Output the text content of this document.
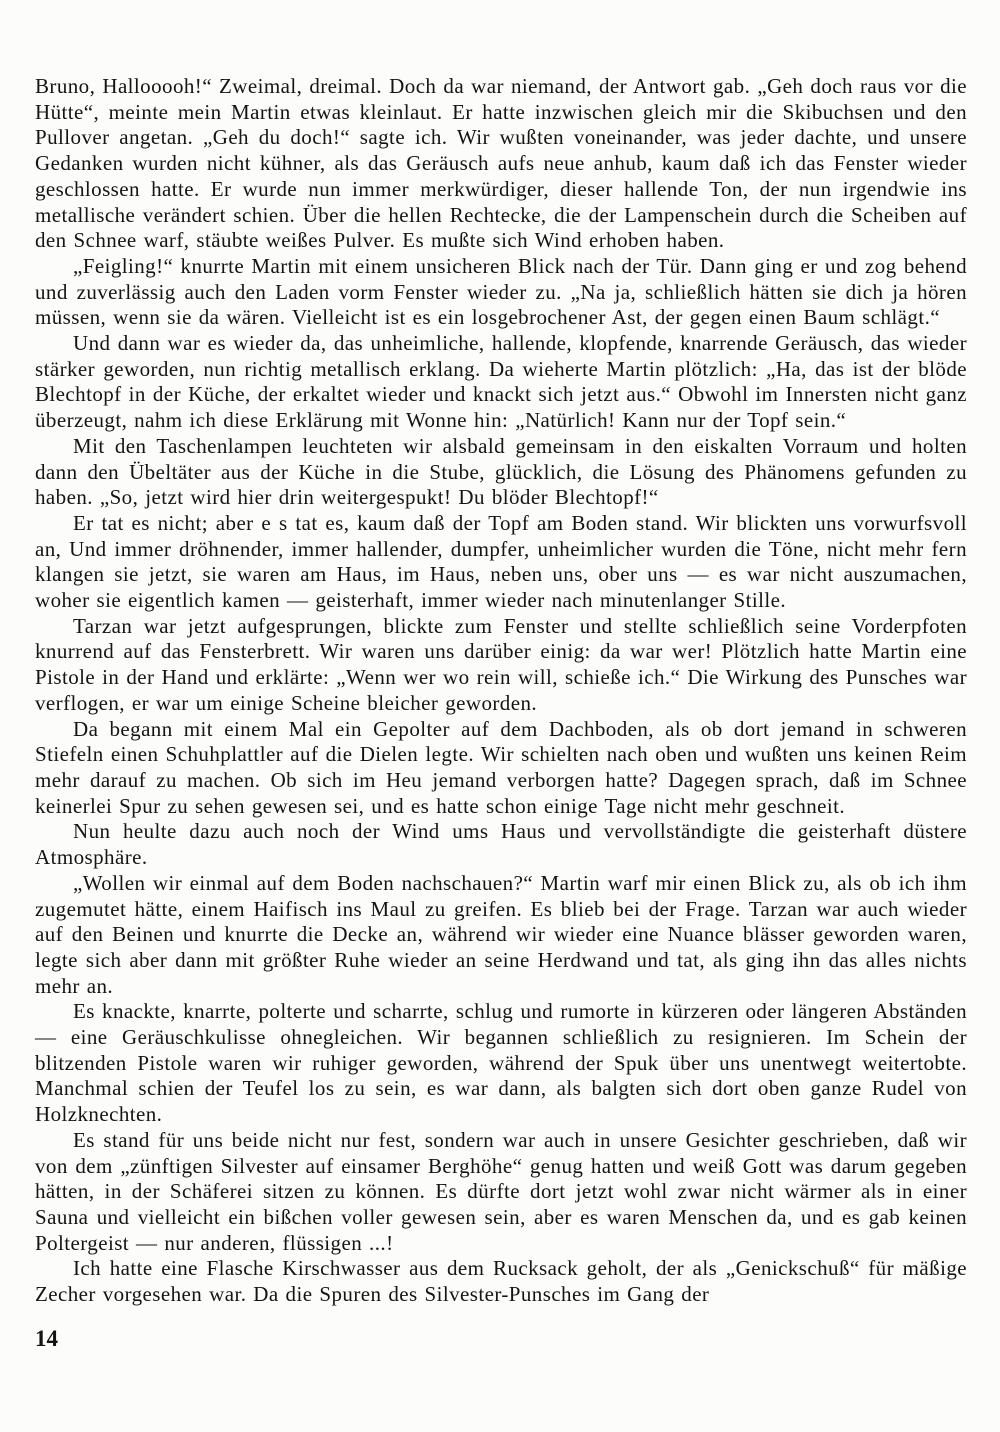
Bruno, Hallooooh!“ Zweimal, dreimal. Doch da war niemand, der Antwort gab. „Geh doch raus vor die Hütte“, meinte mein Martin etwas kleinlaut. Er hatte inzwischen gleich mir die Skibuchsen und den Pullover angetan. „Geh du doch!“ sagte ich. Wir wußten voneinander, was jeder dachte, und unsere Gedanken wurden nicht kühner, als das Geräusch aufs neue anhub, kaum daß ich das Fenster wieder geschlossen hatte. Er wurde nun immer merkwürdiger, dieser hallende Ton, der nun irgendwie ins metallische verändert schien. Über die hellen Rechtecke, die der Lampenschein durch die Scheiben auf den Schnee warf, stäubte weißes Pulver. Es mußte sich Wind erhoben haben.

„Feigling!“ knurrte Martin mit einem unsicheren Blick nach der Tür. Dann ging er und zog behend und zuverlässig auch den Laden vorm Fenster wieder zu. „Na ja, schließlich hätten sie dich ja hören müssen, wenn sie da wären. Vielleicht ist es ein losgebrochener Ast, der gegen einen Baum schlägt.“

Und dann war es wieder da, das unheimliche, hallende, klopfende, knarrende Geräusch, das wieder stärker geworden, nun richtig metallisch erklang. Da wieherte Martin plötzlich: „Ha, das ist der blöde Blechtopf in der Küche, der erkaltet wieder und knackt sich jetzt aus.“ Obwohl im Innersten nicht ganz überzeugt, nahm ich diese Erklärung mit Wonne hin: „Natürlich! Kann nur der Topf sein.“

Mit den Taschenlampen leuchteten wir alsbald gemeinsam in den eiskalten Vorraum und holten dann den Übeltäter aus der Küche in die Stube, glücklich, die Lösung des Phänomens gefunden zu haben. „So, jetzt wird hier drin weitergespukt! Du blöder Blechtopf!“

Er tat es nicht; aber e s tat es, kaum daß der Topf am Boden stand. Wir blickten uns vorwurfsvoll an, Und immer dröhnender, immer hallender, dumpfer, unheimlicher wurden die Töne, nicht mehr fern klangen sie jetzt, sie waren am Haus, im Haus, neben uns, ober uns — es war nicht auszumachen, woher sie eigentlich kamen — geisterhaft, immer wieder nach minutenlanger Stille.

Tarzan war jetzt aufgesprungen, blickte zum Fenster und stellte schließlich seine Vorderpfoten knurrend auf das Fensterbrett. Wir waren uns darüber einig: da war wer! Plötzlich hatte Martin eine Pistole in der Hand und erklärte: „Wenn wer wo rein will, schieße ich.“ Die Wirkung des Punsches war verflogen, er war um einige Scheine bleicher geworden.

Da begann mit einem Mal ein Gepolter auf dem Dachboden, als ob dort jemand in schweren Stiefeln einen Schuhplattler auf die Dielen legte. Wir schielten nach oben und wußten uns keinen Reim mehr darauf zu machen. Ob sich im Heu jemand verborgen hatte? Dagegen sprach, daß im Schnee keinerlei Spur zu sehen gewesen sei, und es hatte schon einige Tage nicht mehr geschneit.

Nun heulte dazu auch noch der Wind ums Haus und vervollständigte die geisterhaft düstere Atmosphäre.

„Wollen wir einmal auf dem Boden nachschauen?“ Martin warf mir einen Blick zu, als ob ich ihm zugemutet hätte, einem Haifisch ins Maul zu greifen. Es blieb bei der Frage. Tarzan war auch wieder auf den Beinen und knurrte die Decke an, während wir wieder eine Nuance blässer geworden waren, legte sich aber dann mit größter Ruhe wieder an seine Herdwand und tat, als ging ihn das alles nichts mehr an.

Es knackte, knarrte, polterte und scharrte, schlug und rumorte in kürzeren oder längeren Abständen — eine Geräuschkulisse ohnegleichen. Wir begannen schließlich zu resignieren. Im Schein der blitzenden Pistole waren wir ruhiger geworden, während der Spuk über uns unentwegt weitertobte. Manchmal schien der Teufel los zu sein, es war dann, als balgten sich dort oben ganze Rudel von Holzknechten.

Es stand für uns beide nicht nur fest, sondern war auch in unsere Gesichter geschrieben, daß wir von dem „zünftigen Silvester auf einsamer Berghöhe“ genug hatten und weiß Gott was darum gegeben hätten, in der Schäferei sitzen zu können. Es dürfte dort jetzt wohl zwar nicht wärmer als in einer Sauna und vielleicht ein bißchen voller gewesen sein, aber es waren Menschen da, und es gab keinen Poltergeist — nur anderen, flüssigen ...!

Ich hatte eine Flasche Kirschwasser aus dem Rucksack geholt, der als „Genickschuß“ für mäßige Zecher vorgesehen war. Da die Spuren des Silvester-Punsches im Gang der

14
